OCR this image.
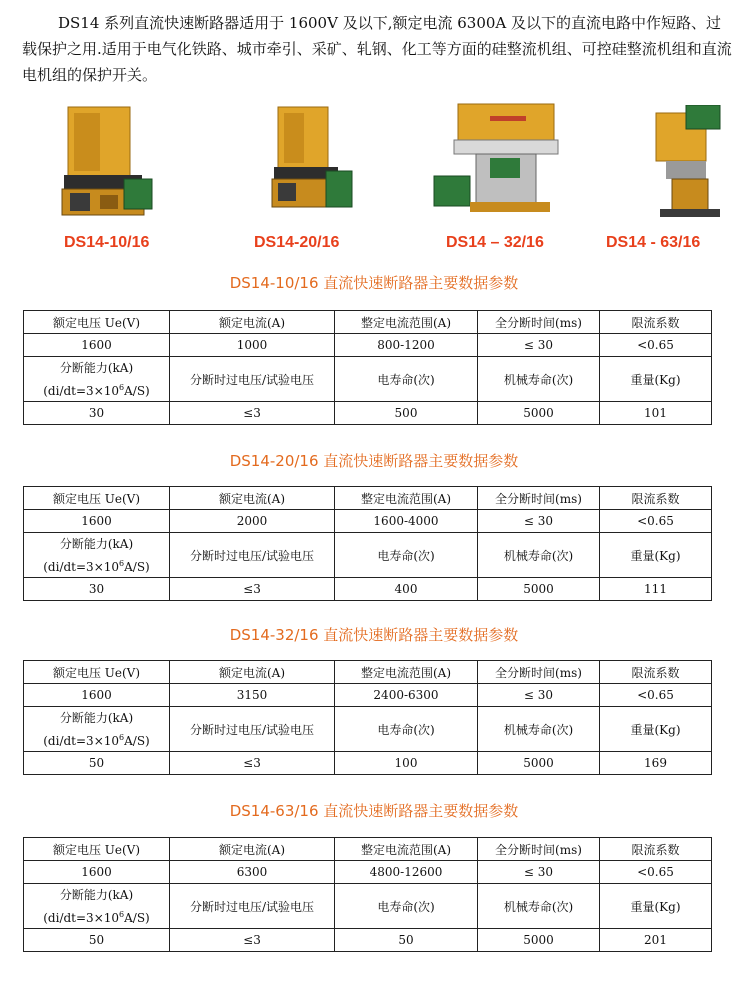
DS14 系列直流快速断路器适用于 1600V 及以下,额定电流 6300A 及以下的直流电路中作短路、过载保护之用.适用于电气化铁路、城市牵引、采矿、轧钢、化工等方面的硅整流机组、可控硅整流机组和直流电机组的保护开关。
DS14-10/16	DS14-20/16	DS14 – 32/16	DS14 - 63/16
DS14-10/16 直流快速断路器主要数据参数
额定电压 Ue(V)	额定电流(A)	整定电流范围(A)	全分断时间(ms)	限流系数
1600	1000	800-1200	≤ 30	<0.65

分断能力(kA)
$(di/dt=3\times 10^6A/S)$	分断时过电压/试验电压	电寿命(次)	机械寿命(次)	重量(Kg)
30	≤3	500	5000	101
DS14-20/16 直流快速断路器主要数据参数
额定电压 Ue(V)	额定电流(A)	整定电流范围(A)	全分断时间(ms)	限流系数
1600	2000	1600-4000	≤ 30	<0.65

分断能力(kA)
$(di/dt=3\times 10^6A/S)$	分断时过电压/试验电压	电寿命(次)	机械寿命(次)	重量(Kg)
30	≤3	400	5000	111
DS14-32/16 直流快速断路器主要数据参数
额定电压 Ue(V)	额定电流(A)	整定电流范围(A)	全分断时间(ms)	限流系数
1600	3150	2400-6300	≤ 30	<0.65

分断能力(kA)
$(di/dt=3\times 10^6A/S)$	分断时过电压/试验电压	电寿命(次)	机械寿命(次)	重量(Kg)
50	≤3	100	5000	169
DS14-63/16 直流快速断路器主要数据参数
额定电压 Ue(V)	额定电流(A)	整定电流范围(A)	全分断时间(ms)	限流系数
1600	6300	4800-12600	≤ 30	<0.65

分断能力(kA)
$(di/dt=3\times 10^6A/S)$	分断时过电压/试验电压	电寿命(次)	机械寿命(次)	重量(Kg)
50	≤3	50	5000	201
